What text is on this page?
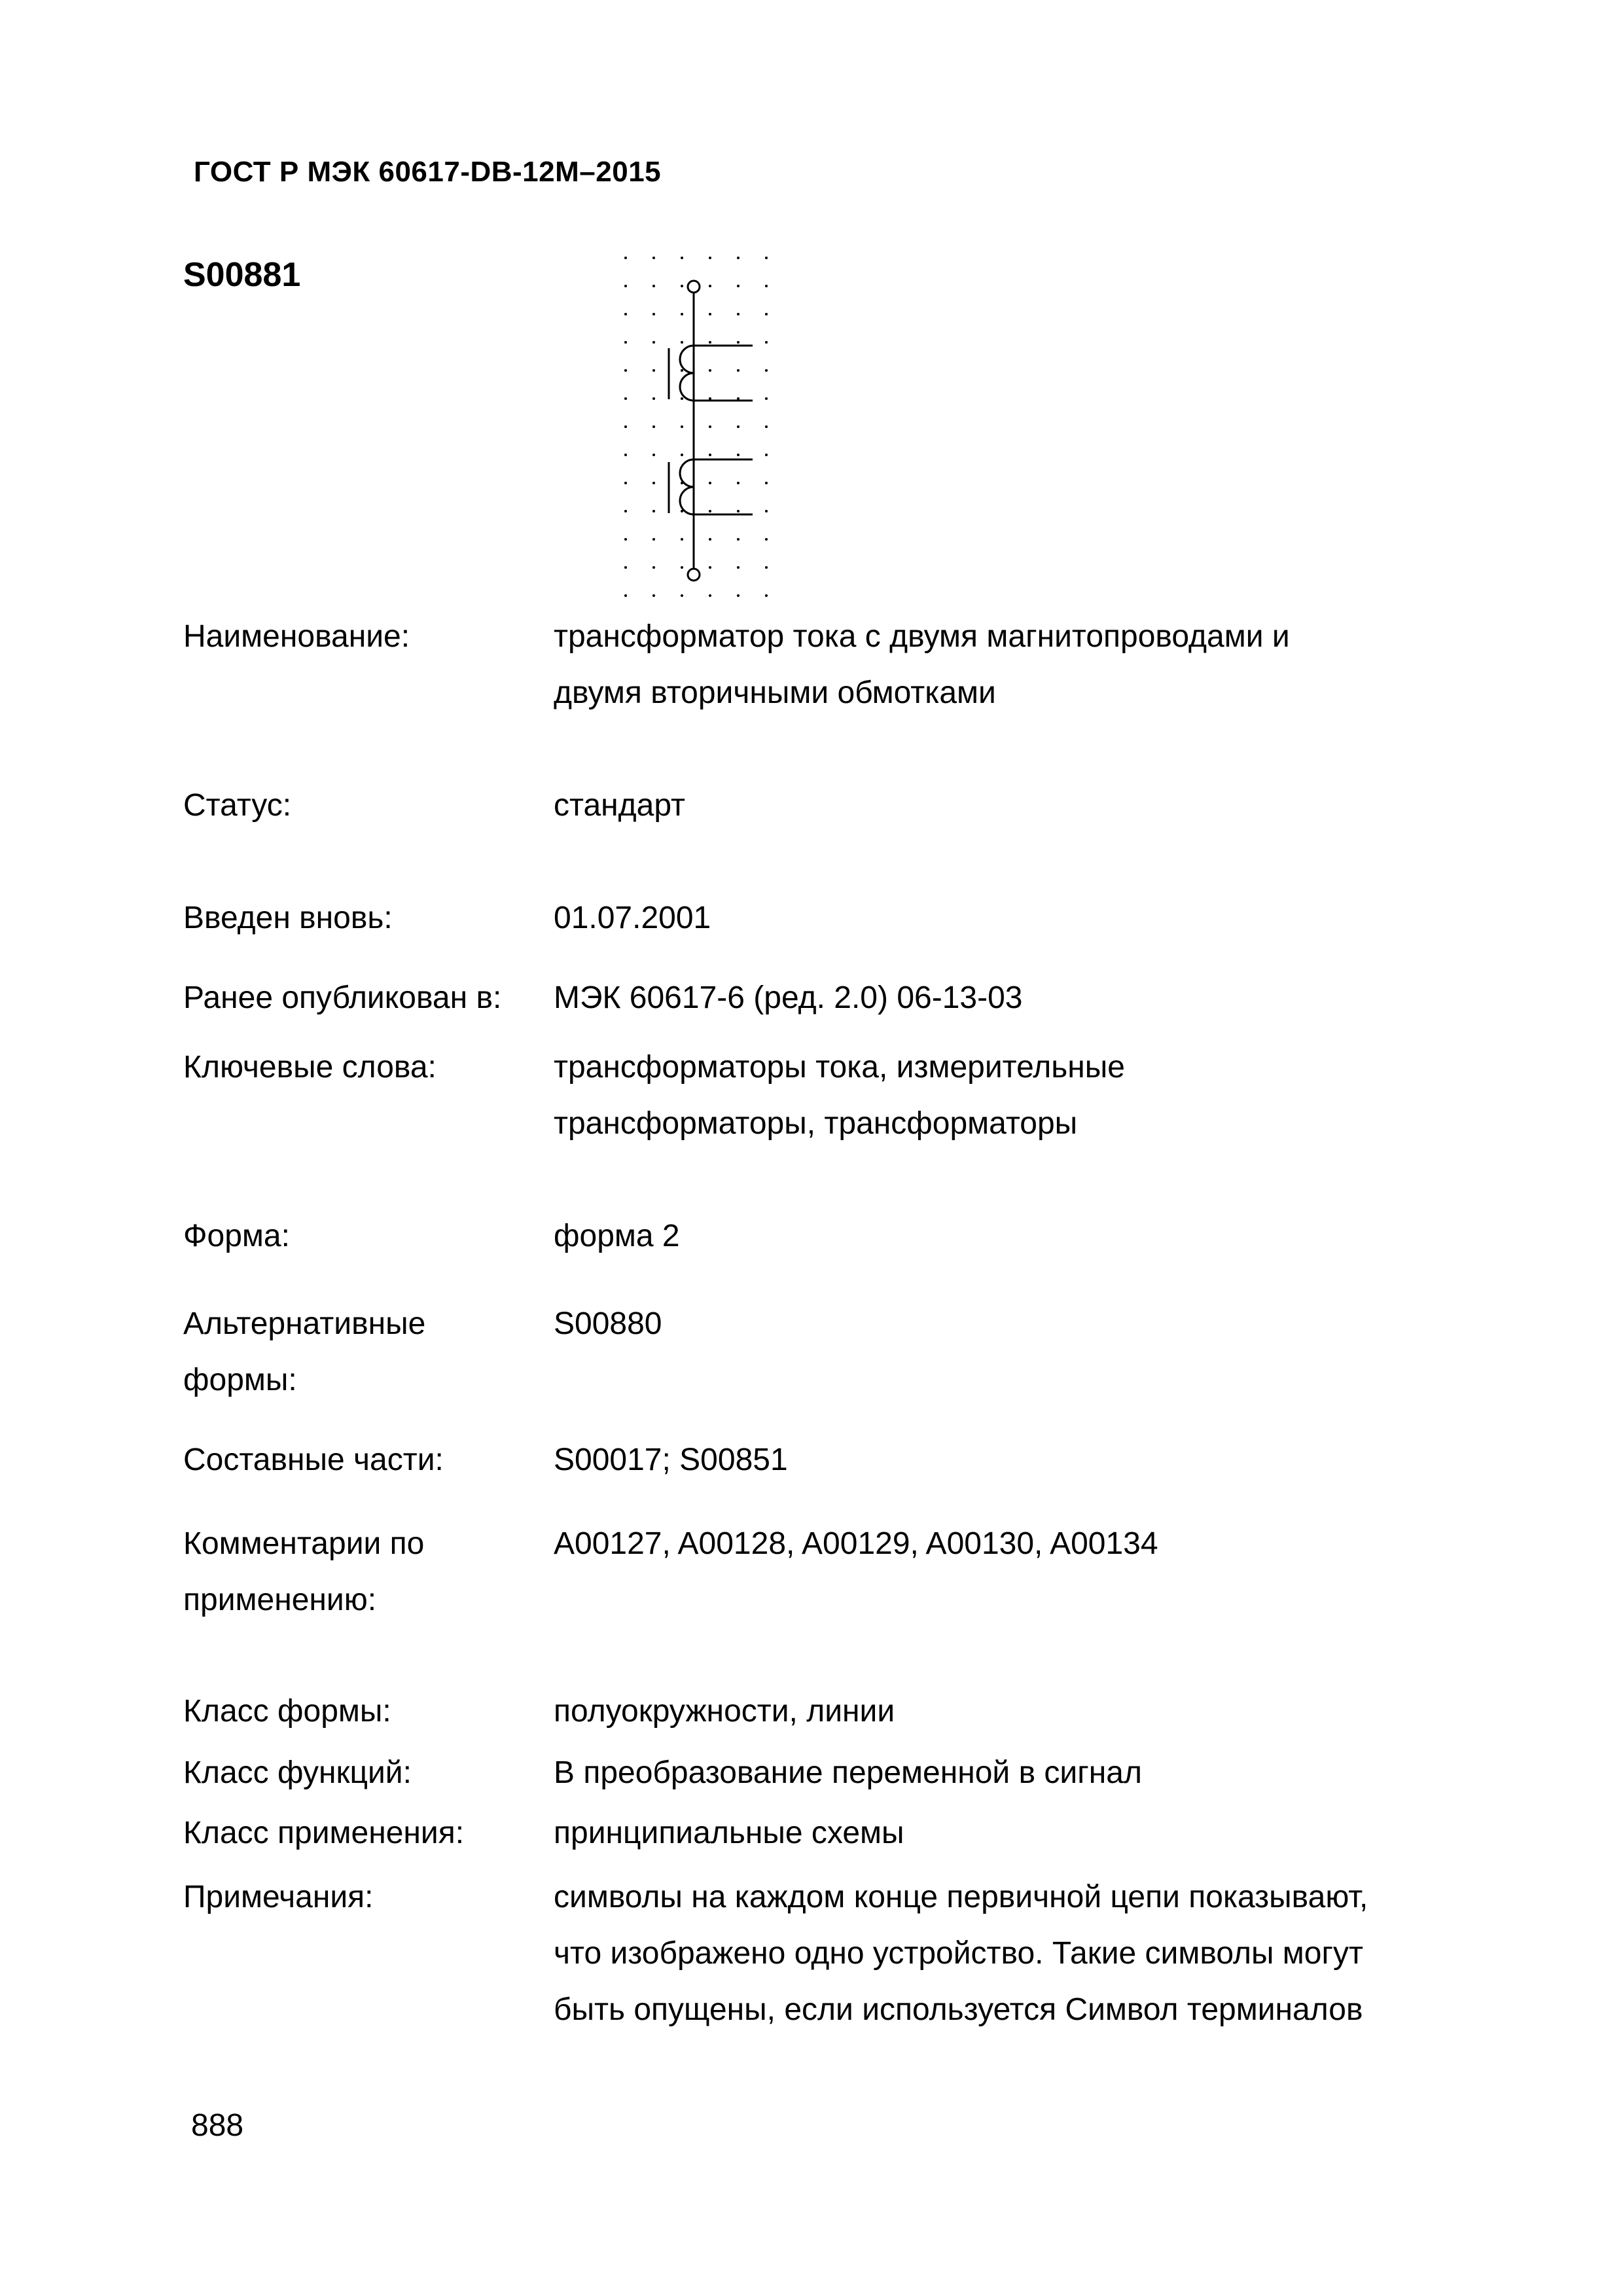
ГОСТ Р МЭК 60617-DB-12M–2015
S00881
Наименование:	трансформатор тока с двумя магнитопроводами и
двумя вторичными обмотками
Статус:	стандарт
Введен вновь:	01.07.2001
Ранее опубликован в:	МЭК 60617-6 (ред. 2.0) 06-13-03
Ключевые слова:	трансформаторы тока, измерительные
трансформаторы, трансформаторы
Форма:	форма 2
Альтернативные
формы:
S00880
Составные части:	S00017; S00851
Комментарии по
применению:
A00127, A00128, A00129, A00130, A00134
Класс формы:	полуокружности, линии
Класс функций:	B преобразование переменной в сигнал
Класс применения:	принципиальные схемы
Примечания:	символы на каждом конце первичной цепи показывают,
что изображено одно устройство. Такие символы могут
быть опущены, если используется Символ терминалов
888
